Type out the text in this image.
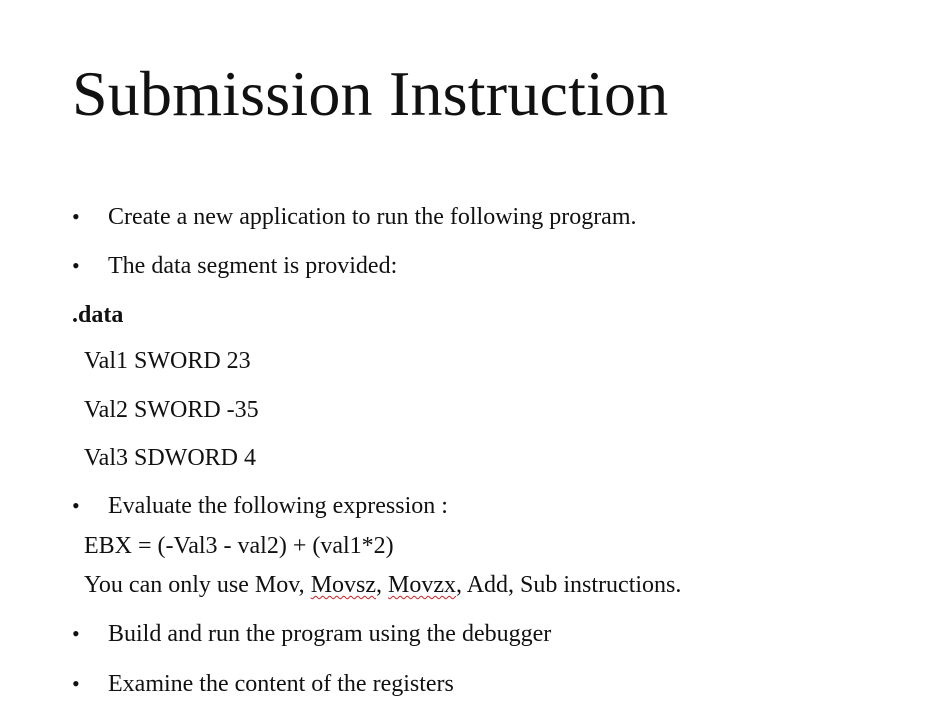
Submission Instruction
• Create a new application to run the following program.
• The data segment is provided:
.data
Val1 SWORD 23
Val2 SWORD -35
Val3 SDWORD 4
• Evaluate the following expression :
EBX = (-Val3 - val2) + (val1*2)
You can only use Mov, Movsz, Movzx, Add, Sub instructions.
• Build and run the program using the debugger
• Examine the content of the registers
